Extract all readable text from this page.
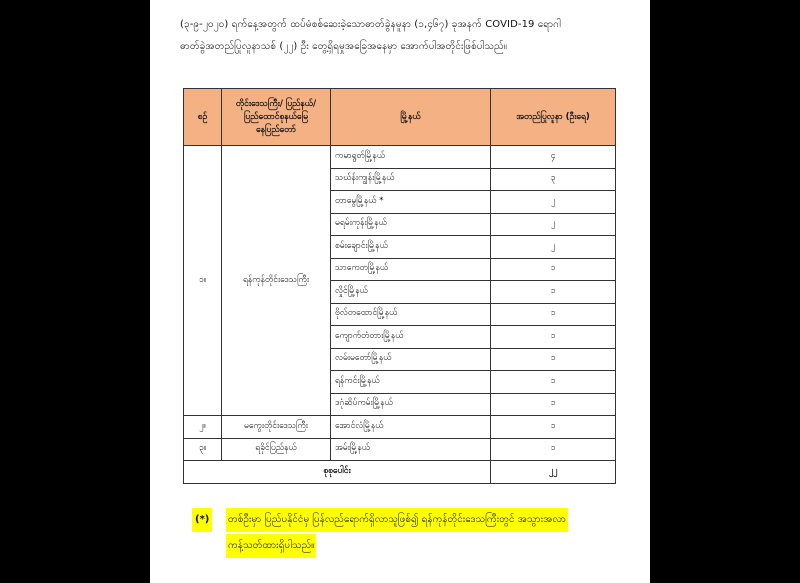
(၃-၉-၂၀၂၀) ရက်နေ့အတွက် ထပ်မံစစ်ဆေးခဲ့သောဓာတ်ခွဲနမူနာ (၁,၄၆၇) ခုအနက် COVID-19 ရောဂါ
ဓာတ်ခွဲအတည်ပြုလူနာသစ် (၂၂) ဦး တွေ့ရှိရမှုအခြေအနေမှာ အောက်ပါအတိုင်းဖြစ်ပါသည်။
စဉ်	တိုင်းဒေသကြီး/ ပြည်နယ်/ ပြည်ထောင်စုနယ်မြေ နေပြည်တော်	မြို့နယ်	အတည်ပြုလူနာ (ဦးရေ)
၁။	ရန်ကုန်တိုင်းဒေသကြီး	ကမာရွတ်မြို့နယ်	၄
		သဃ်န်းကျွန်းမြို့နယ်	၃
		တာမွေမြို့နယ် *	၂
		မရမ်းကုန်းမြို့နယ်	၂
		စမ်းချောင်းမြို့နယ်	၂
		သာကေတမြို့နယ်	၁
		လှိုင်မြို့နယ်	၁
		ဗိုလ်တထောင်မြို့နယ်	၁
		ကျောက်တံတားမြို့နယ်	၁
		လမ်းမတော်မြို့နယ်	၁
		ရန်ကင်းမြို့နယ်	၁
		ဒဂုံဆိပ်ကမ်းမြို့နယ်	၁
၂။	မကွေးတိုင်းဒေသကြီး	အောင်လံမြို့နယ်	၁
၃။	ရခိုင်ပြည်နယ်	အမ်းမြို့နယ်	၁
စုစုပေါင်း			၂၂
(*)	တစ်ဦးမှာ ပြည်ပနိုင်ငံမှ ပြန်လည်ရောက်ရှိလာသူဖြစ်၍ ရန်ကုန်တိုင်းဒေသကြီးတွင် အသွားအလာ
ကန့်သတ်ထားရှိပါသည်။
